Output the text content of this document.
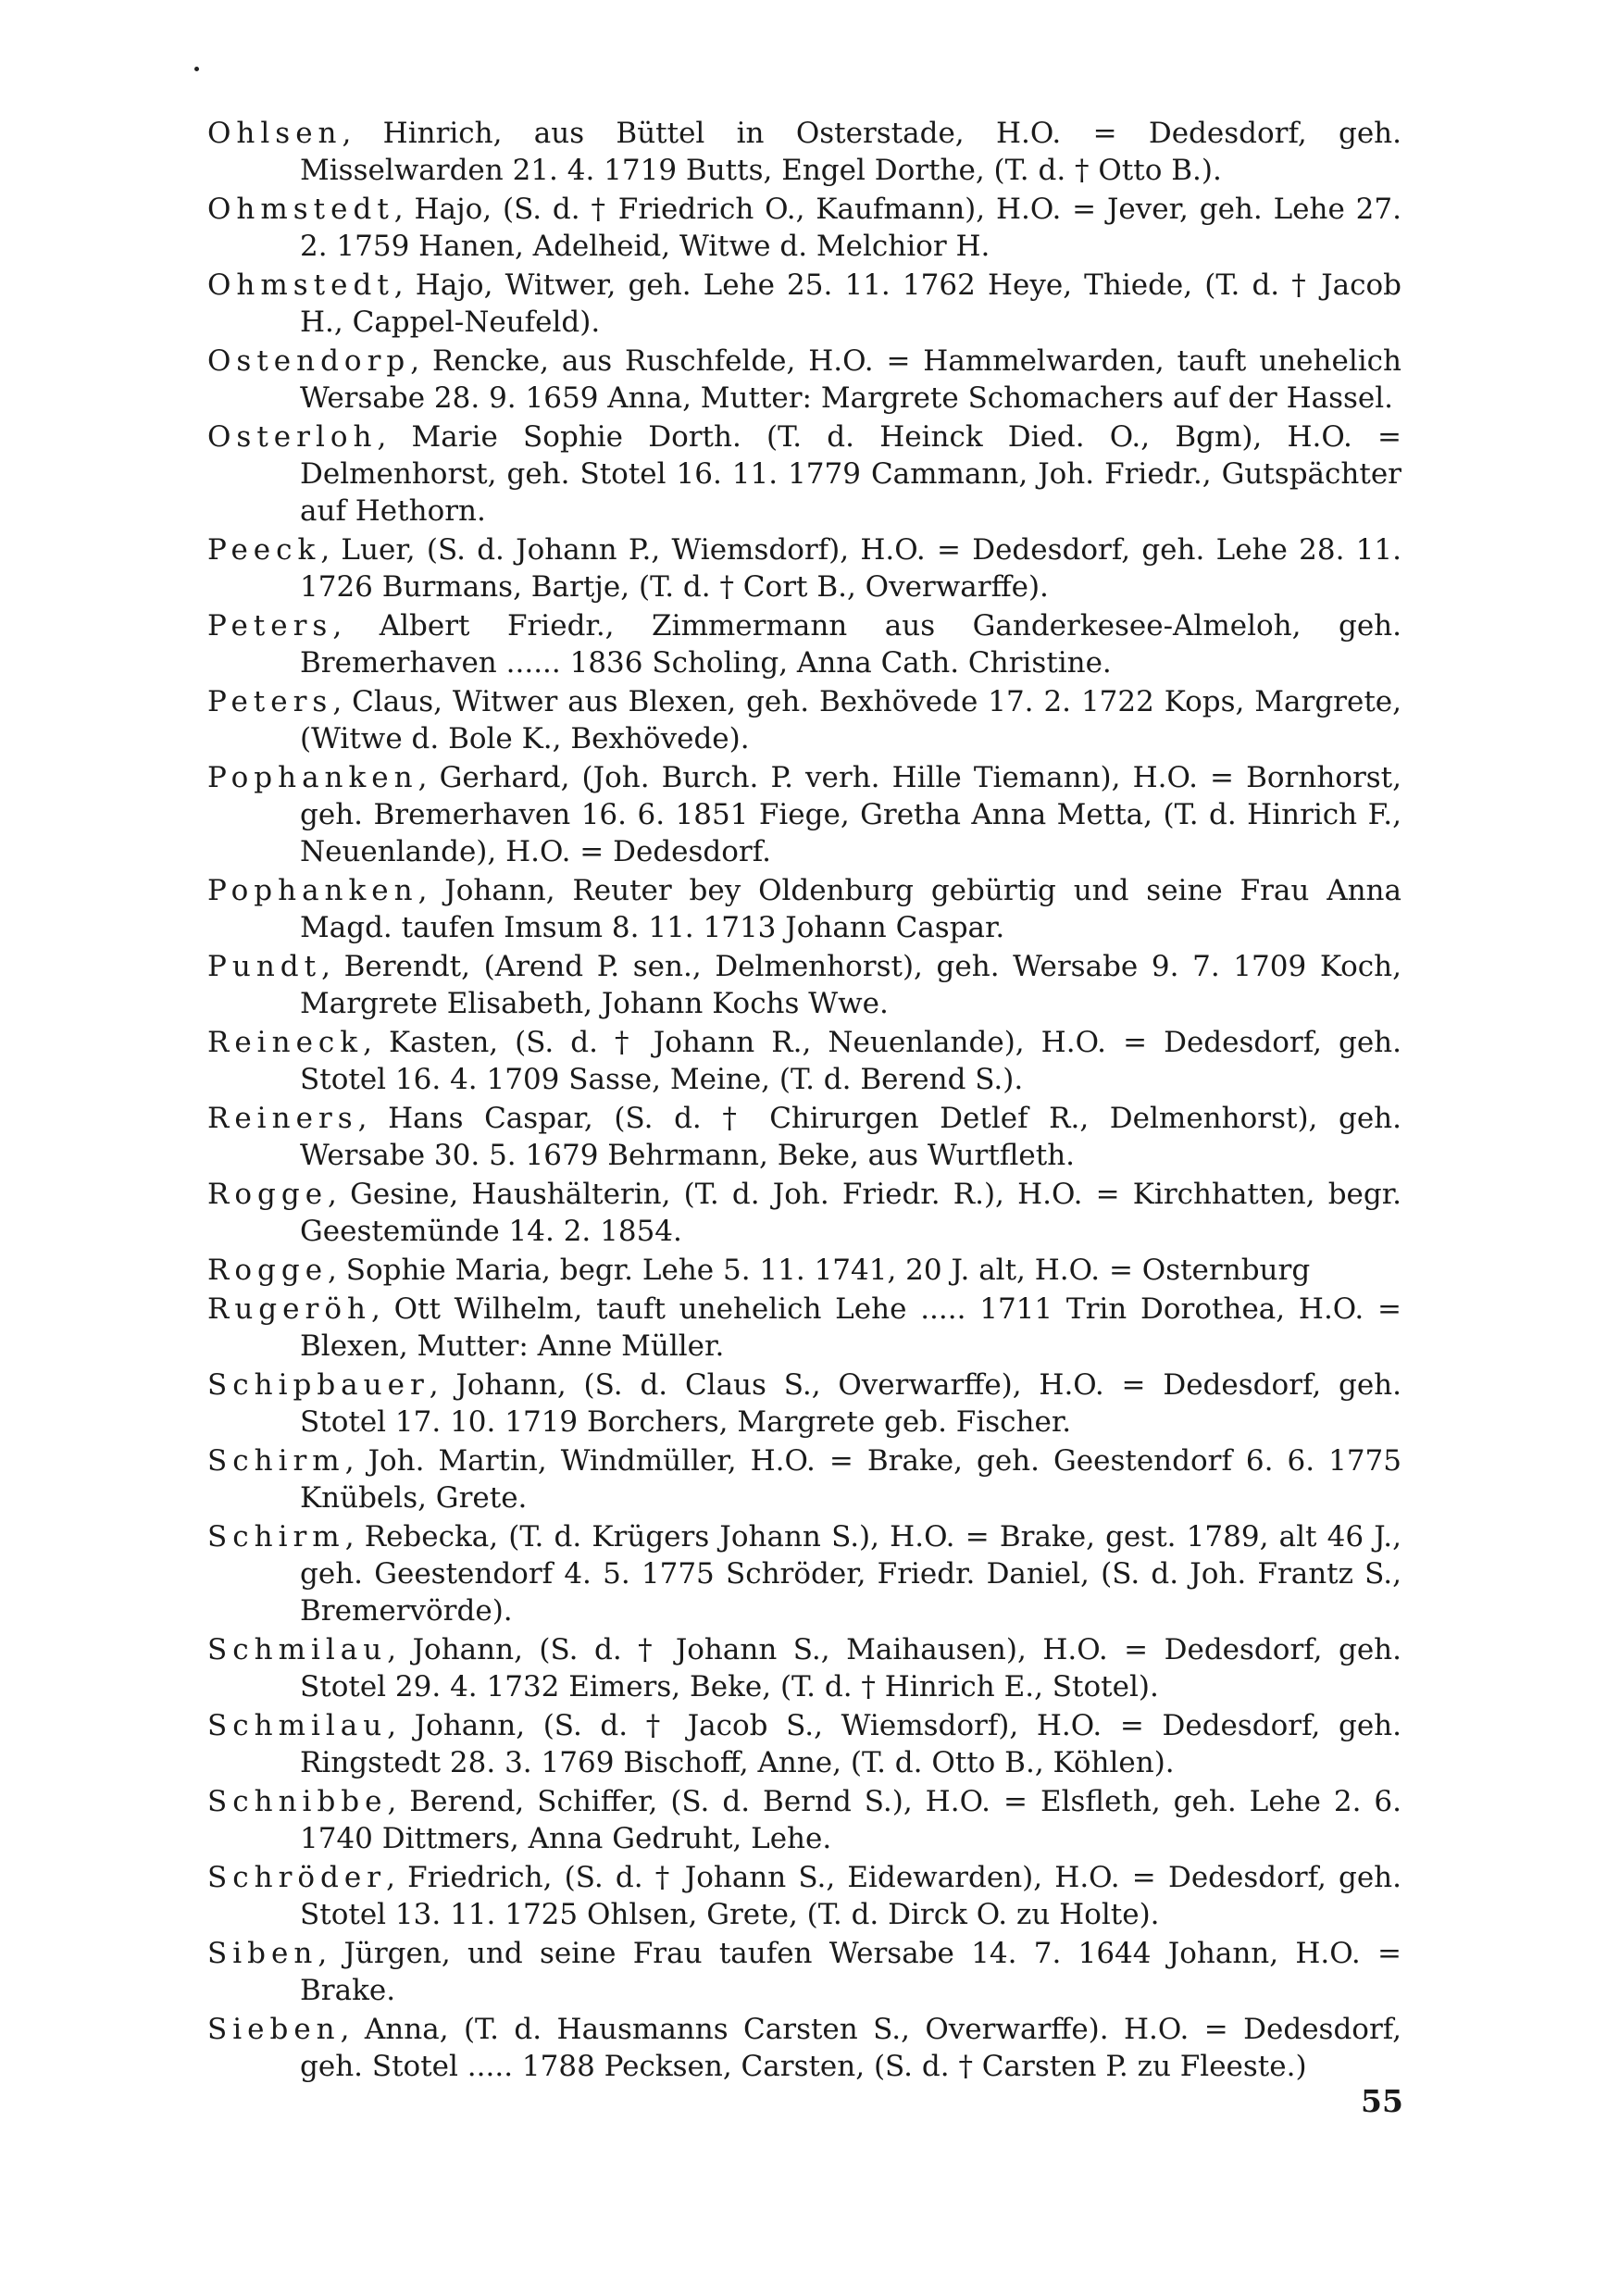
Ohlsen, Hinrich, aus Büttel in Osterstade, H.O. = Dedesdorf, geh. Misselwarden 21. 4. 1719 Butts, Engel Dorthe, (T. d. † Otto B.).

Ohmstedt, Hajo, (S. d. † Friedrich O., Kaufmann), H.O. = Jever, geh. Lehe 27. 2. 1759 Hanen, Adelheid, Witwe d. Melchior H.

Ohmstedt, Hajo, Witwer, geh. Lehe 25. 11. 1762 Heye, Thiede, (T. d. † Jacob H., Cappel-Neufeld).

Ostendorp, Rencke, aus Ruschfelde, H.O. = Hammelwarden, tauft unehelich Wersabe 28. 9. 1659 Anna, Mutter: Margrete Schomachers auf der Hassel.

Osterloh, Marie Sophie Dorth. (T. d. Heinck Died. O., Bgm), H.O. = Delmenhorst, geh. Stotel 16. 11. 1779 Cammann, Joh. Friedr., Gutspächter auf Hethorn.

Peeck, Luer, (S. d. Johann P., Wiemsdorf), H.O. = Dedesdorf, geh. Lehe 28. 11. 1726 Burmans, Bartje, (T. d. † Cort B., Overwarffe).

Peters, Albert Friedr., Zimmermann aus Ganderkesee-Almeloh, geh. Bremerhaven ...... 1836 Scholing, Anna Cath. Christine.

Peters, Claus, Witwer aus Blexen, geh. Bexhövede 17. 2. 1722 Kops, Margrete, (Witwe d. Bole K., Bexhövede).

Pophanken, Gerhard, (Joh. Burch. P. verh. Hille Tiemann), H.O. = Bornhorst, geh. Bremerhaven 16. 6. 1851 Fiege, Gretha Anna Metta, (T. d. Hinrich F., Neuenlande), H.O. = Dedesdorf.

Pophanken, Johann, Reuter bey Oldenburg gebürtig und seine Frau Anna Magd. taufen Imsum 8. 11. 1713 Johann Caspar.

Pundt, Berendt, (Arend P. sen., Delmenhorst), geh. Wersabe 9. 7. 1709 Koch, Margrete Elisabeth, Johann Kochs Wwe.

Reineck, Kasten, (S. d. † Johann R., Neuenlande), H.O. = Dedesdorf, geh. Stotel 16. 4. 1709 Sasse, Meine, (T. d. Berend S.).

Reiners, Hans Caspar, (S. d. † Chirurgen Detlef R., Delmenhorst), geh. Wersabe 30. 5. 1679 Behrmann, Beke, aus Wurtfleth.

Rogge, Gesine, Haushälterin, (T. d. Joh. Friedr. R.), H.O. = Kirchhatten, begr. Geestemünde 14. 2. 1854.

Rogge, Sophie Maria, begr. Lehe 5. 11. 1741, 20 J. alt, H.O. = Osternburg

Rugeröh, Ott Wilhelm, tauft unehelich Lehe ..... 1711 Trin Dorothea, H.O. = Blexen, Mutter: Anne Müller.

Schipbauer, Johann, (S. d. Claus S., Overwarffe), H.O. = Dedesdorf, geh. Stotel 17. 10. 1719 Borchers, Margrete geb. Fischer.

Schirm, Joh. Martin, Windmüller, H.O. = Brake, geh. Geestendorf 6. 6. 1775 Knübels, Grete.

Schirm, Rebecka, (T. d. Krügers Johann S.), H.O. = Brake, gest. 1789, alt 46 J., geh. Geestendorf 4. 5. 1775 Schröder, Friedr. Daniel, (S. d. Joh. Frantz S., Bremervörde).

Schmilau, Johann, (S. d. † Johann S., Maihausen), H.O. = Dedesdorf, geh. Stotel 29. 4. 1732 Eimers, Beke, (T. d. † Hinrich E., Stotel).

Schmilau, Johann, (S. d. † Jacob S., Wiemsdorf), H.O. = Dedesdorf, geh. Ringstedt 28. 3. 1769 Bischoff, Anne, (T. d. Otto B., Köhlen).

Schnibbe, Berend, Schiffer, (S. d. Bernd S.), H.O. = Elsfleth, geh. Lehe 2. 6. 1740 Dittmers, Anna Gedruht, Lehe.

Schröder, Friedrich, (S. d. † Johann S., Eidewarden), H.O. = Dedesdorf, geh. Stotel 13. 11. 1725 Ohlsen, Grete, (T. d. Dirck O. zu Holte).

Siben, Jürgen, und seine Frau taufen Wersabe 14. 7. 1644 Johann, H.O. = Brake.

Sieben, Anna, (T. d. Hausmanns Carsten S., Overwarffe). H.O. = Dedesdorf, geh. Stotel ..... 1788 Pecksen, Carsten, (S. d. † Carsten P. zu Fleeste.)

55
